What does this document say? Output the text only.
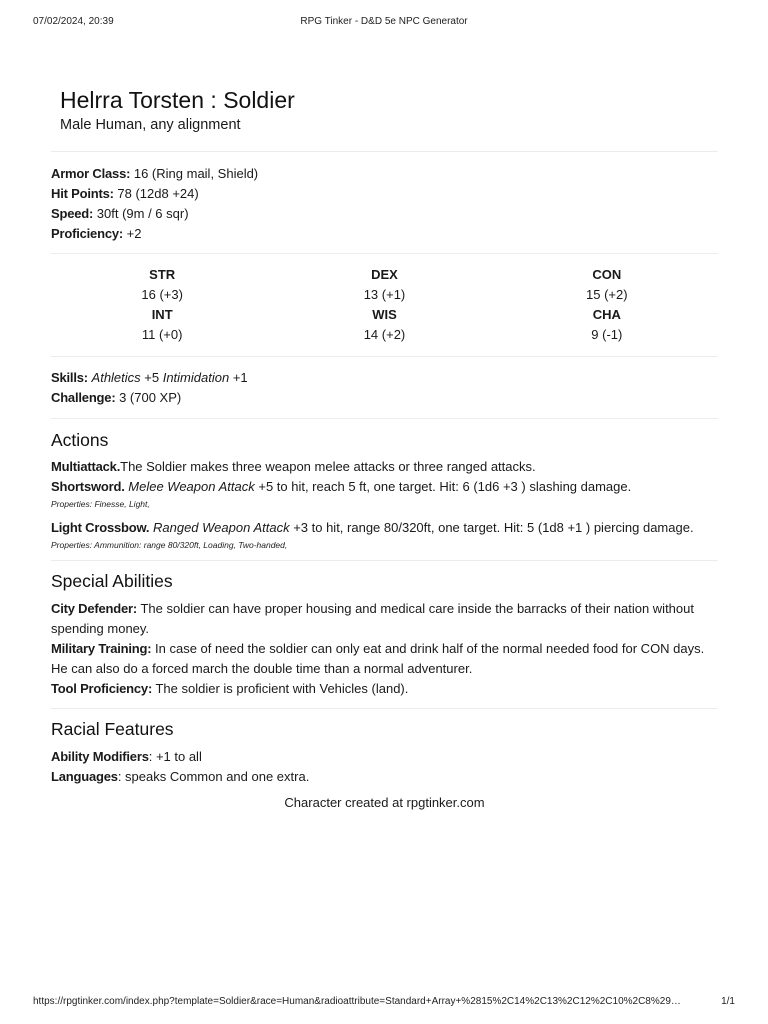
07/02/2024, 20:39	RPG Tinker - D&D 5e NPC Generator
Helrra Torsten : Soldier
Male Human, any alignment
Armor Class: 16 (Ring mail, Shield)
Hit Points: 78 (12d8 +24)
Speed: 30ft (9m / 6 sqr)
Proficiency: +2
STR
16 (+3)
DEX
13 (+1)
CON
15 (+2)
INT
11 (+0)
WIS
14 (+2)
CHA
9 (-1)
Skills: Athletics +5 Intimidation +1
Challenge: 3 (700 XP)
Actions
Multiattack.The Soldier makes three weapon melee attacks or three ranged attacks.
Shortsword. Melee Weapon Attack +5 to hit, reach 5 ft, one target. Hit: 6 (1d6 +3 ) slashing damage.
Properties: Finesse, Light,
Light Crossbow. Ranged Weapon Attack +3 to hit, range 80/320ft, one target. Hit: 5 (1d8 +1 ) piercing damage.
Properties: Ammunition: range 80/320ft, Loading, Two-handed,
Special Abilities
City Defender: The soldier can have proper housing and medical care inside the barracks of their nation without spending money.
Military Training: In case of need the soldier can only eat and drink half of the normal needed food for CON days. He can also do a forced march the double time than a normal adventurer.
Tool Proficiency: The soldier is proficient with Vehicles (land).
Racial Features
Ability Modifiers: +1 to all
Languages: speaks Common and one extra.
Character created at rpgtinker.com
https://rpgtinker.com/index.php?template=Soldier&race=Human&radioattribute=Standard+Array+%2815%2C14%2C13%2C12%2C10%2C8%29…	1/1
